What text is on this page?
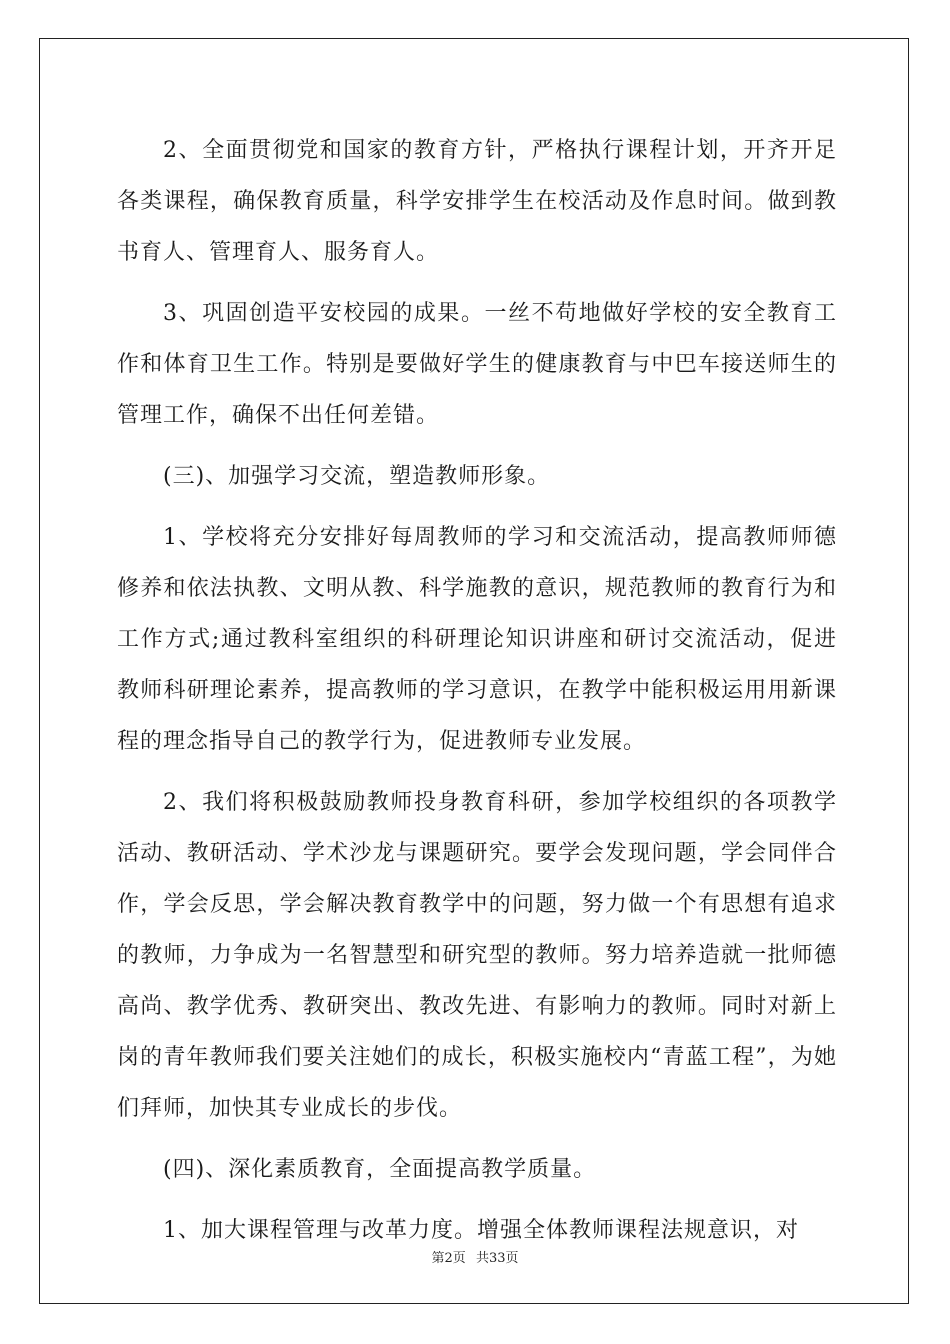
2、全面贯彻党和国家的教育方针，严格执行课程计划，开齐开足各类课程，确保教育质量，科学安排学生在校活动及作息时间。做到教书育人、管理育人、服务育人。

3、巩固创造平安校园的成果。一丝不苟地做好学校的安全教育工作和体育卫生工作。特别是要做好学生的健康教育与中巴车接送师生的管理工作，确保不出任何差错。

(三)、加强学习交流，塑造教师形象。

1、学校将充分安排好每周教师的学习和交流活动，提高教师师德修养和依法执教、文明从教、科学施教的意识，规范教师的教育行为和工作方式;通过教科室组织的科研理论知识讲座和研讨交流活动，促进教师科研理论素养，提高教师的学习意识，在教学中能积极运用用新课程的理念指导自己的教学行为，促进教师专业发展。

2、我们将积极鼓励教师投身教育科研，参加学校组织的各项教学活动、教研活动、学术沙龙与课题研究。要学会发现问题，学会同伴合作，学会反思，学会解决教育教学中的问题，努力做一个有思想有追求的教师，力争成为一名智慧型和研究型的教师。努力培养造就一批师德高尚、教学优秀、教研突出、教改先进、有影响力的教师。同时对新上岗的青年教师我们要关注她们的成长，积极实施校内“青蓝工程”，为她们拜师，加快其专业成长的步伐。

(四)、深化素质教育，全面提高教学质量。

1、加大课程管理与改革力度。增强全体教师课程法规意识，对

第2页 共33页
